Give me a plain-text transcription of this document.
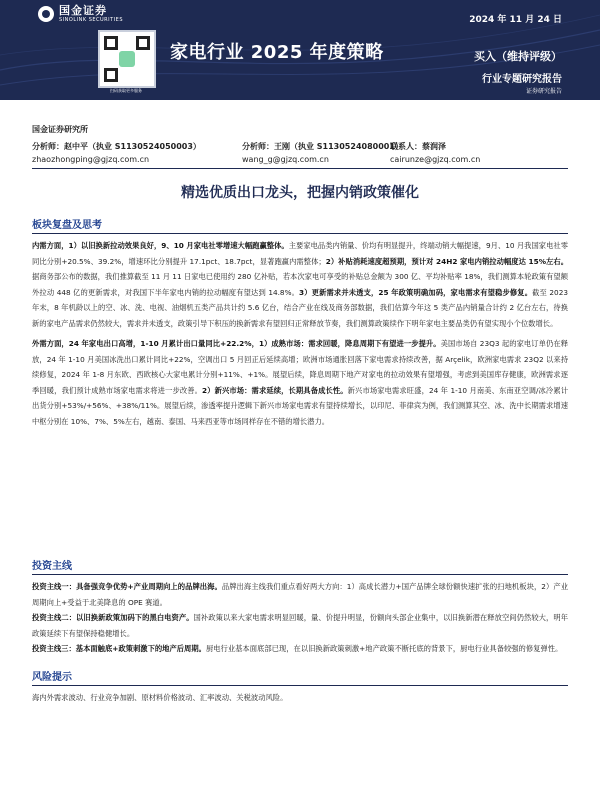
国金证券
SINOLINK SECURITIES	2024 年 11 月 24 日
扫码获取更多服务
家电行业 2025 年度策略	买入（维持评级）
行业专题研究报告
证券研究报告
国金证券研究所
分析师：赵中平（执业 S1130524050003）
zhaozhongping@gjzq.com.cn
分析师：王刚（执业 S1130524080001）
wang_g@gjzq.com.cn
联系人：蔡润泽
cairunze@gjzq.com.cn
精选优质出口龙头，把握内销政策催化
板块复盘及思考

内需方面，1）以旧换新拉动效果良好，9、10 月家电社零增速大幅跑赢整体。主要家电品类内销量、价均有明显提升，终端动销大幅提速，9月、10 月我国家电社零同比分别+20.5%、39.2%，增速环比分别提升 17.1pct、18.7pct，显著跑赢内需整体；2）补贴消耗速度超预期，预计对 24H2 家电内销拉动幅度达 15%左右。据商务部公布的数据，我们推算截至 11 月 11 日家电已使用约 280 亿补贴，若本次家电可享受的补贴总金额为 300 亿、平均补贴率 18%，我们测算本轮政策有望额外拉动 448 亿的更新需求，对我国下半年家电内销的拉动幅度有望达到 14.8%。3）更新需求并未透支，25 年政策明确加码，家电需求有望稳步修复。截至 2023 年末，8 年机龄以上的空、冰、洗、电视、油烟机五类产品共计约 5.6 亿台，结合产业在线及商务部数据，我们估算今年这 5 类产品内销量合计约 2 亿台左右，待换新的家电产品需求仍然较大，需求并未透支，政策引导下积压的换新需求有望回归正常释放节奏，我们测算政策续作下明年家电主要品类仍有望实现小个位数增长。

外需方面，24 年家电出口高增，1-10 月累计出口量同比+22.2%，1）成熟市场：需求回暖，降息周期下有望进一步提升。美国市场自 23Q3 起的家电订单仍在释放，24 年 1-10 月美国冰洗出口累计同比+22%，空调出口 5 月回正后延续高增；欧洲市场通胀回落下家电需求持续改善，据 Arçelik，欧洲家电需求 23Q2 以来持续修复，2024 年 1-8 月东欧、西欧核心大家电累计分别+11%、+1%。展望后续，降息周期下地产对家电的拉动效果有望增强，考虑到美国库存健康，欧洲需求逐季回暖，我们预计成熟市场家电需求将进一步改善。2）新兴市场：需求延续，长期具备成长性。新兴市场家电需求旺盛，24 年 1-10 月南美、东南亚空调/冰冷累计出货分别+53%/+56%、+38%/11%。展望后续，渗透率提升逻辑下新兴市场家电需求有望持续增长，以印尼、菲律宾为例，我们测算其空、冰、洗中长期需求增速中枢分别在 10%、7%、5%左右，越南、泰国、马来西亚等市场同样存在不错的增长潜力。

投资主线

投资主线一：具备强竞争优势+产业周期向上的品牌出海。品牌出海主线我们重点看好两大方向：1）高成长潜力+国产品牌全球份额快速扩张的扫地机板块，2）产业周期向上+受益于北美降息的 OPE 赛道。

投资主线二：以旧换新政策加码下的黑白电资产。国补政策以来大家电需求明显回暖，量、价提升明显，份额向头部企业集中，以旧换新潜在释放空间仍然较大，明年政策延续下有望保持稳健增长。

投资主线三：基本面触底+政策刺激下的地产后周期。厨电行业基本面底部已现，在以旧换新政策刺激+地产政策不断托底的背景下，厨电行业具备较强的修复弹性。

风险提示

海内外需求波动、行业竞争加剧、原材料价格波动、汇率波动、关税波动风险。
